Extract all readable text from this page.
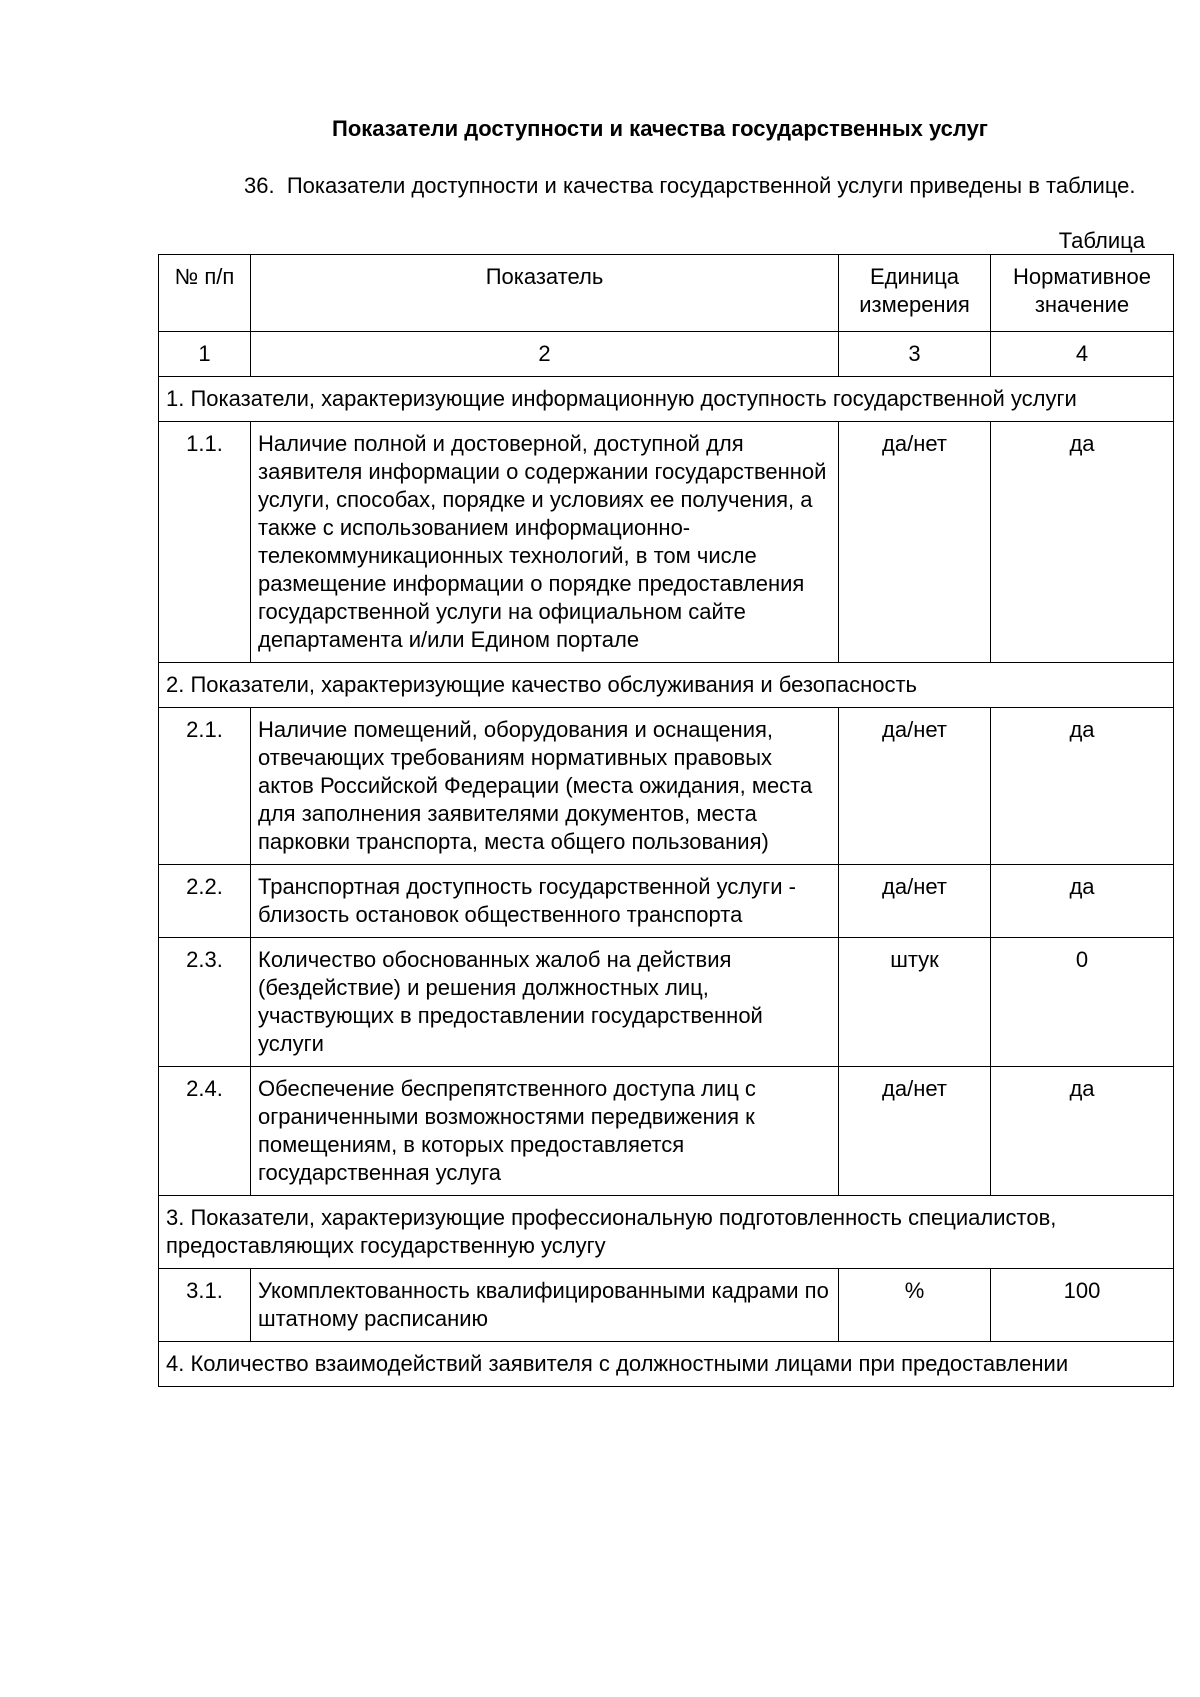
Показатели доступности и качества государственных услуг
36. Показатели доступности и качества государственной услуги приведены в таблице.
Таблица
№ п/п	Показатель	Единица измерения	Нормативное значение
1	2	3	4
1. Показатели, характеризующие информационную доступность государственной услуги			
1.1.	Наличие полной и достоверной, доступной для заявителя информации о содержании государственной услуги, способах, порядке и условиях ее получения, а также с использованием информационно-телекоммуникационных технологий, в том числе размещение информации о порядке предоставления государственной услуги на официальном сайте департамента и/или Едином портале	да/нет	да
2. Показатели, характеризующие качество обслуживания и безопасность			
2.1.	Наличие помещений, оборудования и оснащения, отвечающих требованиям нормативных правовых актов Российской Федерации (места ожидания, места для заполнения заявителями документов, места парковки транспорта, места общего пользования)	да/нет	да
2.2.	Транспортная доступность государственной услуги - близость остановок общественного транспорта	да/нет	да
2.3.	Количество обоснованных жалоб на действия (бездействие) и решения должностных лиц, участвующих в предоставлении государственной услуги	штук	0
2.4.	Обеспечение беспрепятственного доступа лиц с ограниченными возможностями передвижения к помещениям, в которых предоставляется государственная услуга	да/нет	да
3. Показатели, характеризующие профессиональную подготовленность специалистов, предоставляющих государственную услугу			
3.1.	Укомплектованность квалифицированными кадрами по штатному расписанию	%	100
4. Количество взаимодействий заявителя с должностными лицами при предоставлении			
